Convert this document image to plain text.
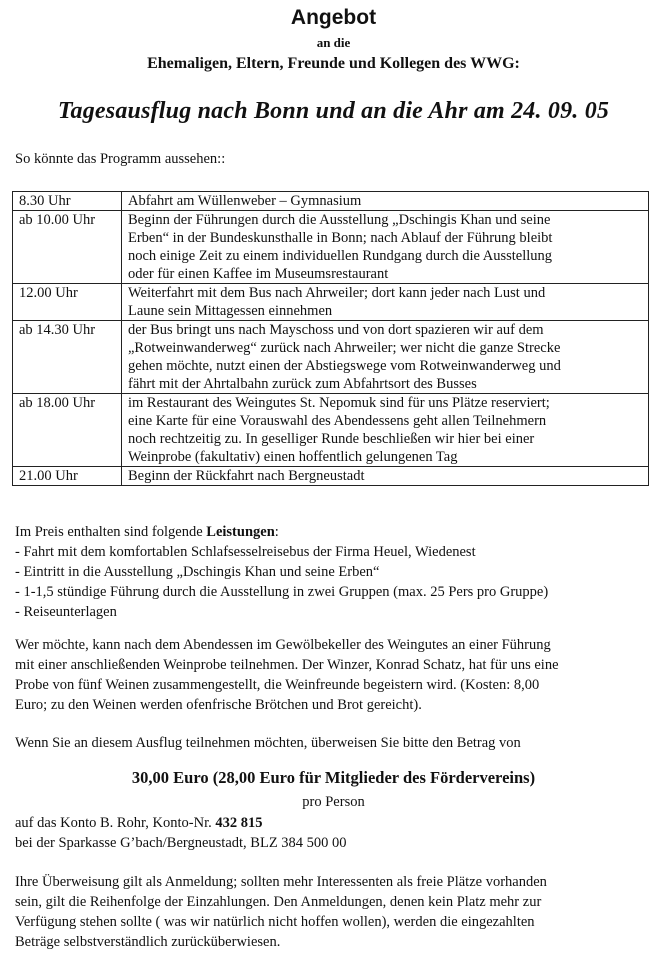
Angebot
an die
Ehemaligen, Eltern, Freunde und Kollegen des WWG:
Tagesausflug nach Bonn und an die Ahr am 24. 09. 05
So könnte das Programm aussehen::
8.30 Uhr	Abfahrt am Wüllenweber – Gymnasium

ab 10.00 Uhr	Beginn der Führungen durch die Ausstellung „Dschingis Khan und seine
Erben“ in der Bundeskunsthalle in Bonn; nach Ablauf der Führung bleibt
noch einige Zeit zu einem individuellen Rundgang durch die Ausstellung
oder für einen Kaffee im Museumsrestaurant

12.00 Uhr	Weiterfahrt mit dem Bus nach Ahrweiler; dort kann jeder nach Lust und
Laune sein Mittagessen einnehmen

ab 14.30 Uhr	der Bus bringt uns nach Mayschoss und von dort spazieren wir auf dem
„Rotweinwanderweg“ zurück nach Ahrweiler; wer nicht die ganze Strecke
gehen möchte, nutzt einen der Abstiegswege vom Rotweinwanderweg und
fährt mit der Ahrtalbahn zurück zum Abfahrtsort des Busses

ab 18.00 Uhr	im Restaurant des Weingutes St. Nepomuk sind für uns Plätze reserviert;
eine Karte für eine Vorauswahl des Abendessens geht allen Teilnehmern
noch rechtzeitig zu. In geselliger Runde beschließen wir hier bei einer
Weinprobe (fakultativ) einen hoffentlich gelungenen Tag

21.00 Uhr	Beginn der Rückfahrt nach Bergneustadt
Im Preis enthalten sind folgende Leistungen:
- Fahrt mit dem komfortablen Schlafsesselreisebus der Firma Heuel, Wiedenest
- Eintritt in die Ausstellung „Dschingis Khan und seine Erben“
- 1-1,5 stündige Führung durch die Ausstellung in zwei Gruppen (max. 25 Pers pro Gruppe)
- Reiseunterlagen
Wer möchte, kann nach dem Abendessen im Gewölbekeller des Weingutes an einer Führung
mit einer anschließenden Weinprobe teilnehmen. Der Winzer, Konrad Schatz, hat für uns eine
Probe von fünf Weinen zusammengestellt, die Weinfreunde begeistern wird. (Kosten: 8,00
Euro; zu den Weinen werden ofenfrische Brötchen und Brot gereicht).
Wenn Sie an diesem Ausflug teilnehmen möchten, überweisen Sie bitte den Betrag von
30,00 Euro (28,00 Euro für Mitglieder des Fördervereins)
pro Person
auf das Konto B. Rohr, Konto-Nr. 432 815
bei der Sparkasse G’bach/Bergneustadt, BLZ 384 500 00
Ihre Überweisung gilt als Anmeldung; sollten mehr Interessenten als freie Plätze vorhanden
sein, gilt die Reihenfolge der Einzahlungen. Den Anmeldungen, denen kein Platz mehr zur
Verfügung stehen sollte ( was wir natürlich nicht hoffen wollen), werden die eingezahlten
Beträge selbstverständlich zurücküberwiesen.
